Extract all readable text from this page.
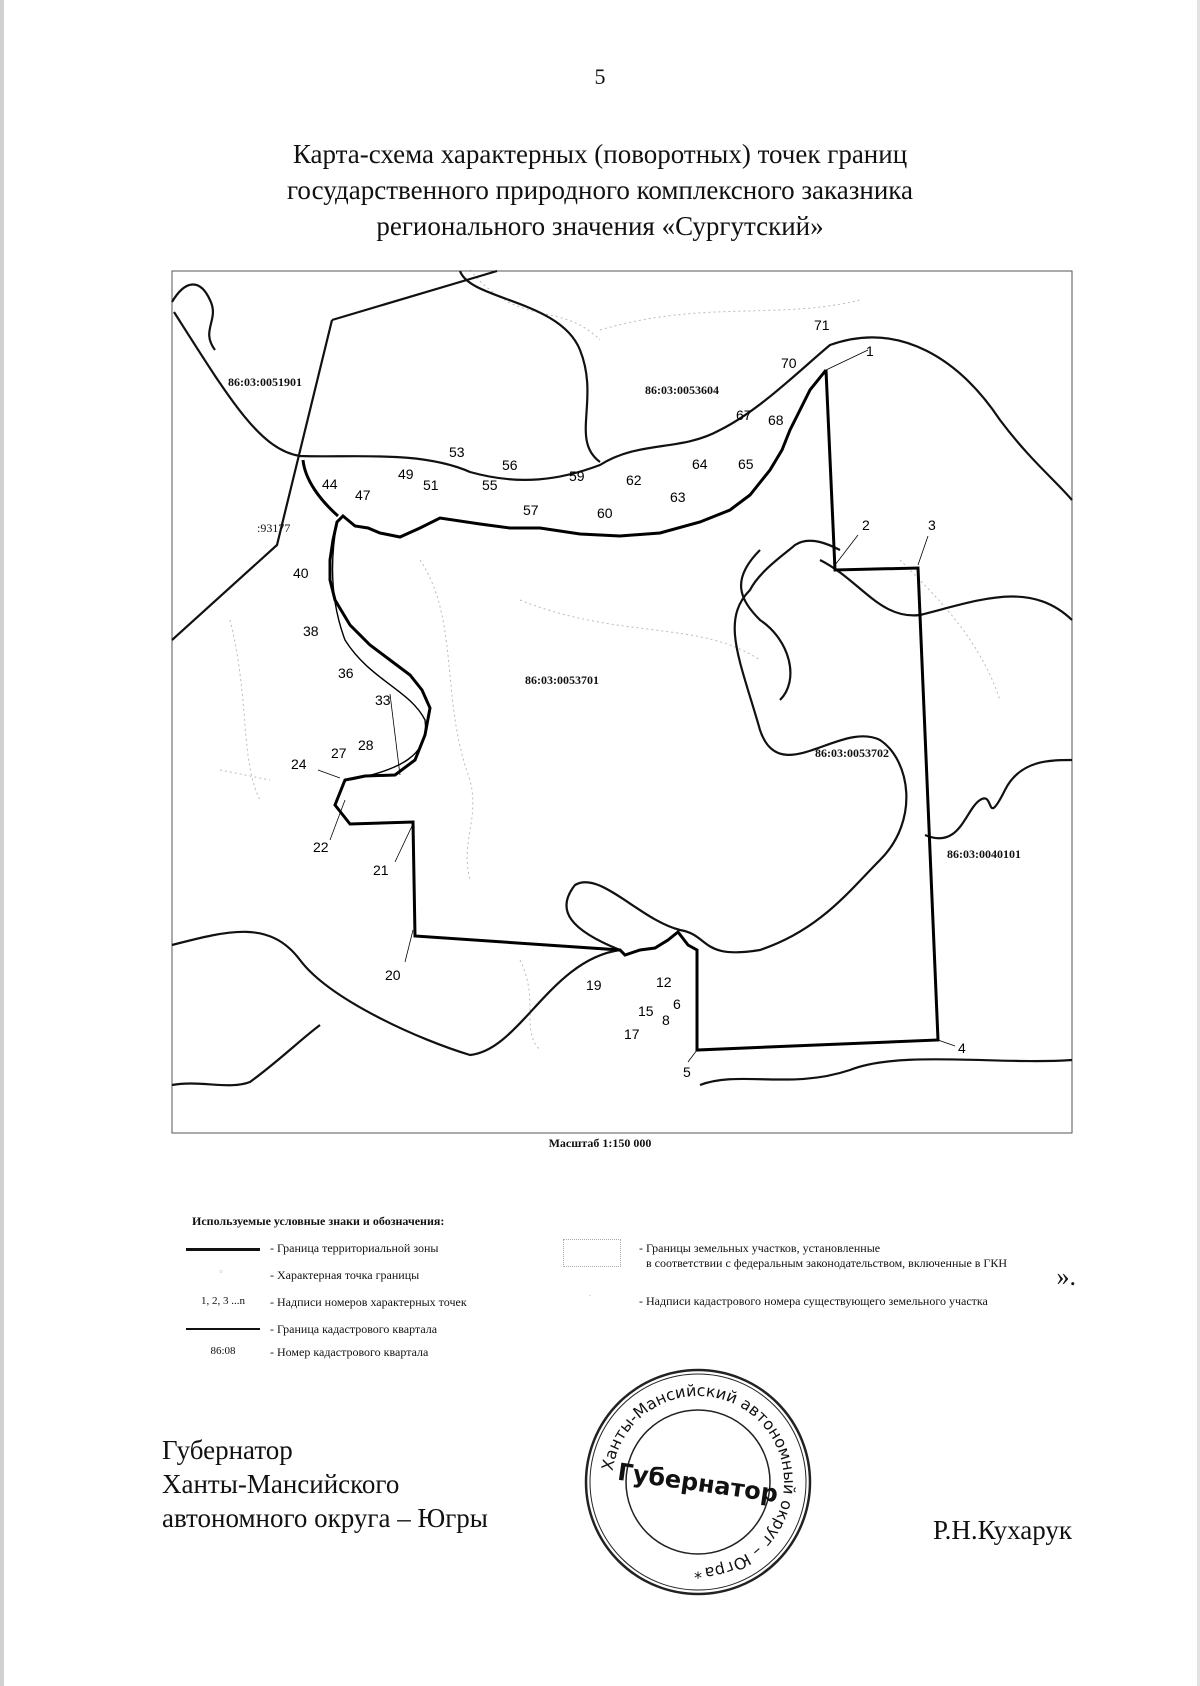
5
Карта-схема характерных (поворотных) точек границ
государственного природного комплексного заказника
регионального значения «Сургутский»
86:03:0051901
86:03:0053604
:93177
86:03:0053701
86:03:0053702
86:03:0040101
1
2	3
4
5
6
8
12
15
17
19
20
21
22
24
27 28
33
36
38
40
44
47
49
51
53
55
56
57
59
60
62
63
64 65
67 68
70
71
Масштаб 1:150 000
Используемые условные знаки и обозначения:
- Граница территориальной зоны
◦	- Характерная точка границы
1, 2, 3 ...n	- Надписи номеров характерных точек
- Граница кадастрового квартала
86:08	- Номер кадастрового квартала
- Границы земельных участков, установленные
в соответствии с федеральным законодательством, включенные в ГКН
·	- Надписи кадастрового номера существующего земельного участка
».
Губернатор
Ханты-Мансийского
автономного округа – Югры
Ханты-Мансийский автономный округ – Югра
Губернатор
*
Р.Н.Кухарук
